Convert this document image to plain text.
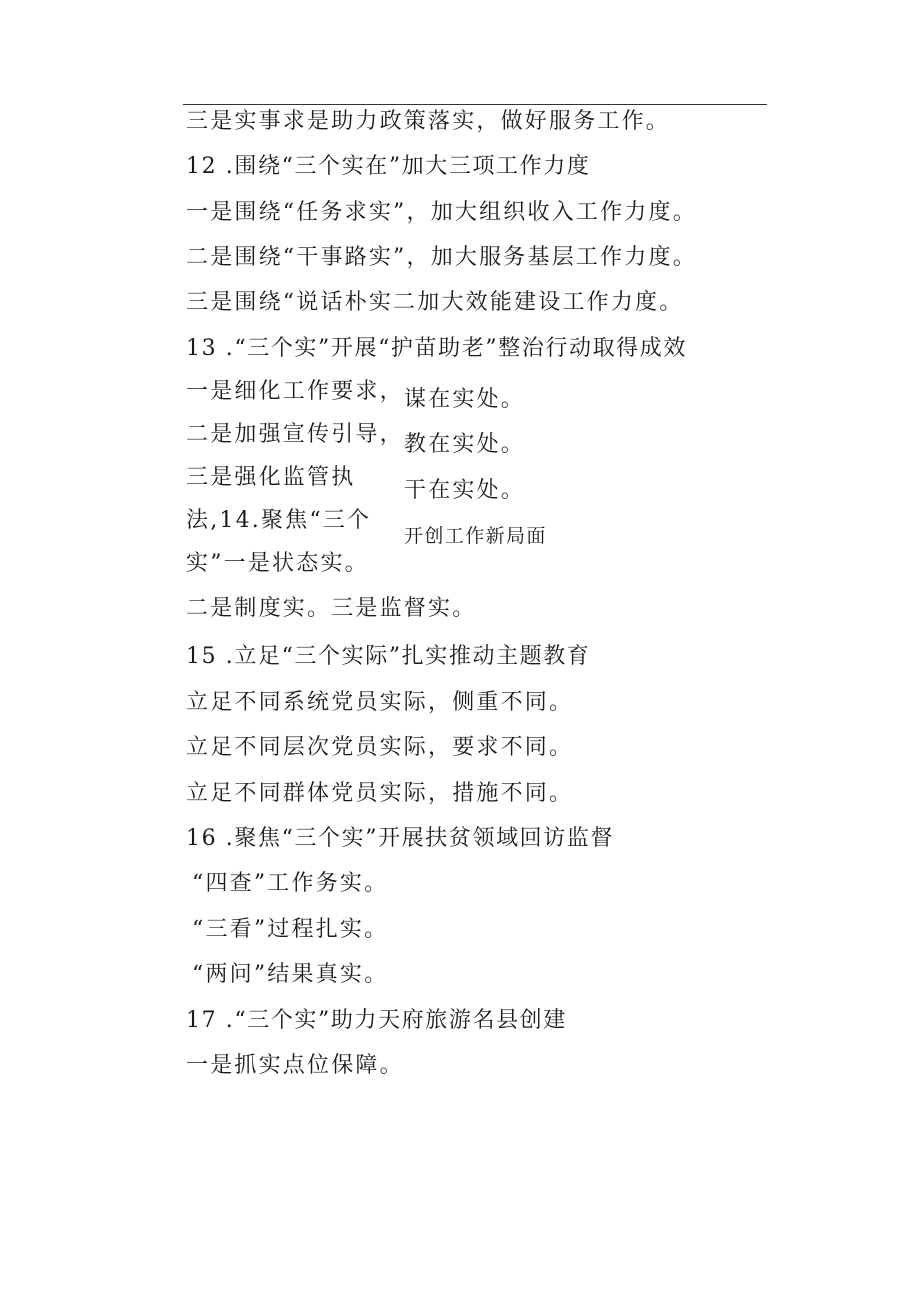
三是实事求是助力政策落实，做好服务工作。
12 .围绕“三个实在”加大三项工作力度
一是围绕“任务求实”，加大组织收入工作力度。
二是围绕“干事路实”，加大服务基层工作力度。
三是围绕“说话朴实二加大效能建设工作力度。
13 .“三个实”开展“护苗助老”整治行动取得成效
一是细化工作要求， 谋在实处。
二是加强宣传引导， 教在实处。
三是强化监管执
干在实处。
法,14.聚焦“三个
开创工作新局面
实”一是状态实。
二是制度实。三是监督实。
15 .立足“三个实际”扎实推动主题教育
立足不同系统党员实际，侧重不同。
立足不同层次党员实际，要求不同。
立足不同群体党员实际，措施不同。
16 .聚焦“三个实”开展扶贫领域回访监督
“四查”工作务实。
“三看”过程扎实。
“两问”结果真实。
17 .“三个实”助力天府旅游名县创建
一是抓实点位保障。
